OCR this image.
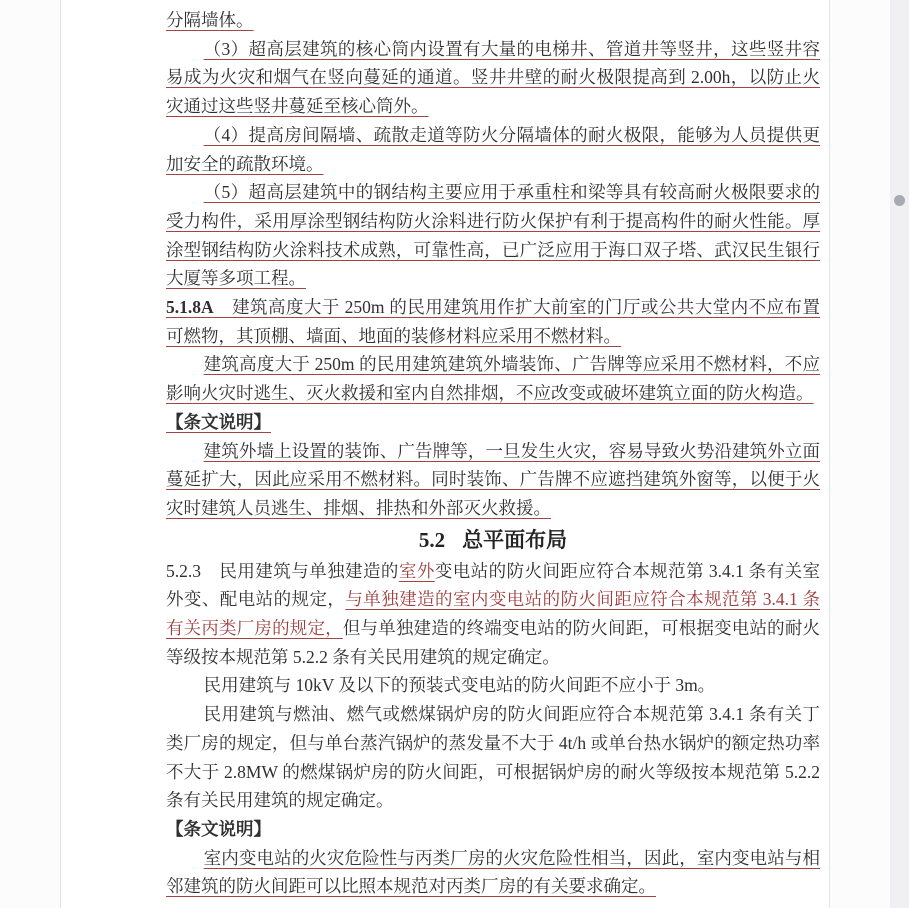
分隔墙体。

（3）超高层建筑的核心筒内设置有大量的电梯井、管道井等竖井，这些竖井容易成为火灾和烟气在竖向蔓延的通道。竖井井壁的耐火极限提高到 2.00h，以防止火灾通过这些竖井蔓延至核心筒外。

（4）提高房间隔墙、疏散走道等防火分隔墙体的耐火极限，能够为人员提供更加安全的疏散环境。

（5）超高层建筑中的钢结构主要应用于承重柱和梁等具有较高耐火极限要求的受力构件，采用厚涂型钢结构防火涂料进行防火保护有利于提高构件的耐火性能。厚涂型钢结构防火涂料技术成熟，可靠性高，已广泛应用于海口双子塔、武汉民生银行大厦等多项工程。

5.1.8A　建筑高度大于 250m 的民用建筑用作扩大前室的门厅或公共大堂内不应布置可燃物，其顶棚、墙面、地面的装修材料应采用不燃材料。

建筑高度大于 250m 的民用建筑建筑外墙装饰、广告牌等应采用不燃材料，不应影响火灾时逃生、灭火救援和室内自然排烟，不应改变或破坏建筑立面的防火构造。

【条文说明】

建筑外墙上设置的装饰、广告牌等，一旦发生火灾，容易导致火势沿建筑外立面蔓延扩大，因此应采用不燃材料。同时装饰、广告牌不应遮挡建筑外窗等，以便于火灾时建筑人员逃生、排烟、排热和外部灭火救援。

5.2 总平面布局

5.2.3　民用建筑与单独建造的室外变电站的防火间距应符合本规范第 3.4.1 条有关室外变、配电站的规定，与单独建造的室内变电站的防火间距应符合本规范第 3.4.1 条有关丙类厂房的规定，但与单独建造的终端变电站的防火间距，可根据变电站的耐火等级按本规范第 5.2.2 条有关民用建筑的规定确定。

民用建筑与 10kV 及以下的预装式变电站的防火间距不应小于 3m。

民用建筑与燃油、燃气或燃煤锅炉房的防火间距应符合本规范第 3.4.1 条有关丁类厂房的规定，但与单台蒸汽锅炉的蒸发量不大于 4t/h 或单台热水锅炉的额定热功率不大于 2.8MW 的燃煤锅炉房的防火间距，可根据锅炉房的耐火等级按本规范第 5.2.2 条有关民用建筑的规定确定。

【条文说明】

室内变电站的火灾危险性与丙类厂房的火灾危险性相当，因此，室内变电站与相邻建筑的防火间距可以比照本规范对丙类厂房的有关要求确定。
